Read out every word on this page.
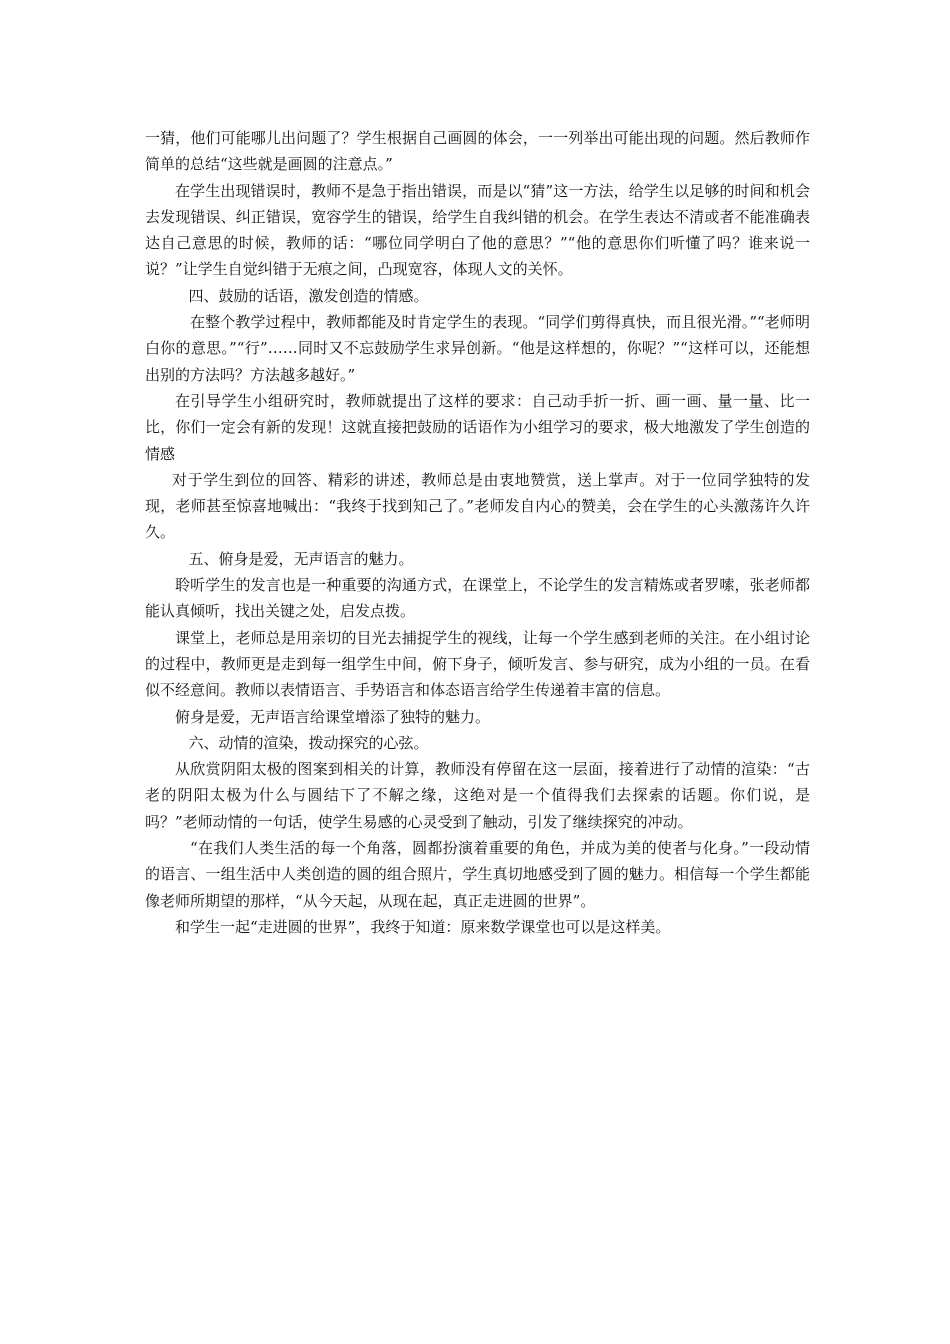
一猜，他们可能哪儿出问题了？学生根据自己画圆的体会，一一列举出可能出现的问题。然后教师作简单的总结“这些就是画圆的注意点。”

在学生出现错误时，教师不是急于指出错误，而是以“猜”这一方法，给学生以足够的时间和机会去发现错误、纠正错误，宽容学生的错误，给学生自我纠错的机会。在学生表达不清或者不能准确表达自己意思的时候，教师的话：“哪位同学明白了他的意思？”“他的意思你们听懂了吗？谁来说一说？”让学生自觉纠错于无痕之间，凸现宽容，体现人文的关怀。

四、鼓励的话语，激发创造的情感。

在整个教学过程中，教师都能及时肯定学生的表现。“同学们剪得真快，而且很光滑。”“老师明白你的意思。”“行”……同时又不忘鼓励学生求异创新。“他是这样想的，你呢？”“这样可以，还能想出别的方法吗？方法越多越好。”

在引导学生小组研究时，教师就提出了这样的要求：自己动手折一折、画一画、量一量、比一比，你们一定会有新的发现！这就直接把鼓励的话语作为小组学习的要求，极大地激发了学生创造的情感

对于学生到位的回答、精彩的讲述，教师总是由衷地赞赏，送上掌声。对于一位同学独特的发现，老师甚至惊喜地喊出：“我终于找到知己了。”老师发自内心的赞美，会在学生的心头激荡许久许久。

五、俯身是爱，无声语言的魅力。

聆听学生的发言也是一种重要的沟通方式，在课堂上，不论学生的发言精炼或者罗嗦，张老师都能认真倾听，找出关键之处，启发点拨。

课堂上，老师总是用亲切的目光去捕捉学生的视线，让每一个学生感到老师的关注。在小组讨论的过程中，教师更是走到每一组学生中间，俯下身子，倾听发言、参与研究，成为小组的一员。在看似不经意间。教师以表情语言、手势语言和体态语言给学生传递着丰富的信息。

俯身是爱，无声语言给课堂增添了独特的魅力。

六、动情的渲染，拨动探究的心弦。

从欣赏阴阳太极的图案到相关的计算，教师没有停留在这一层面，接着进行了动情的渲染：“古老的阴阳太极为什么与圆结下了不解之缘，这绝对是一个值得我们去探索的话题。你们说，是吗？”老师动情的一句话，使学生易感的心灵受到了触动，引发了继续探究的冲动。

“在我们人类生活的每一个角落，圆都扮演着重要的角色，并成为美的使者与化身。”一段动情的语言、一组生活中人类创造的圆的组合照片，学生真切地感受到了圆的魅力。相信每一个学生都能像老师所期望的那样，“从今天起，从现在起，真正走进圆的世界”。

和学生一起“走进圆的世界”，我终于知道：原来数学课堂也可以是这样美。
